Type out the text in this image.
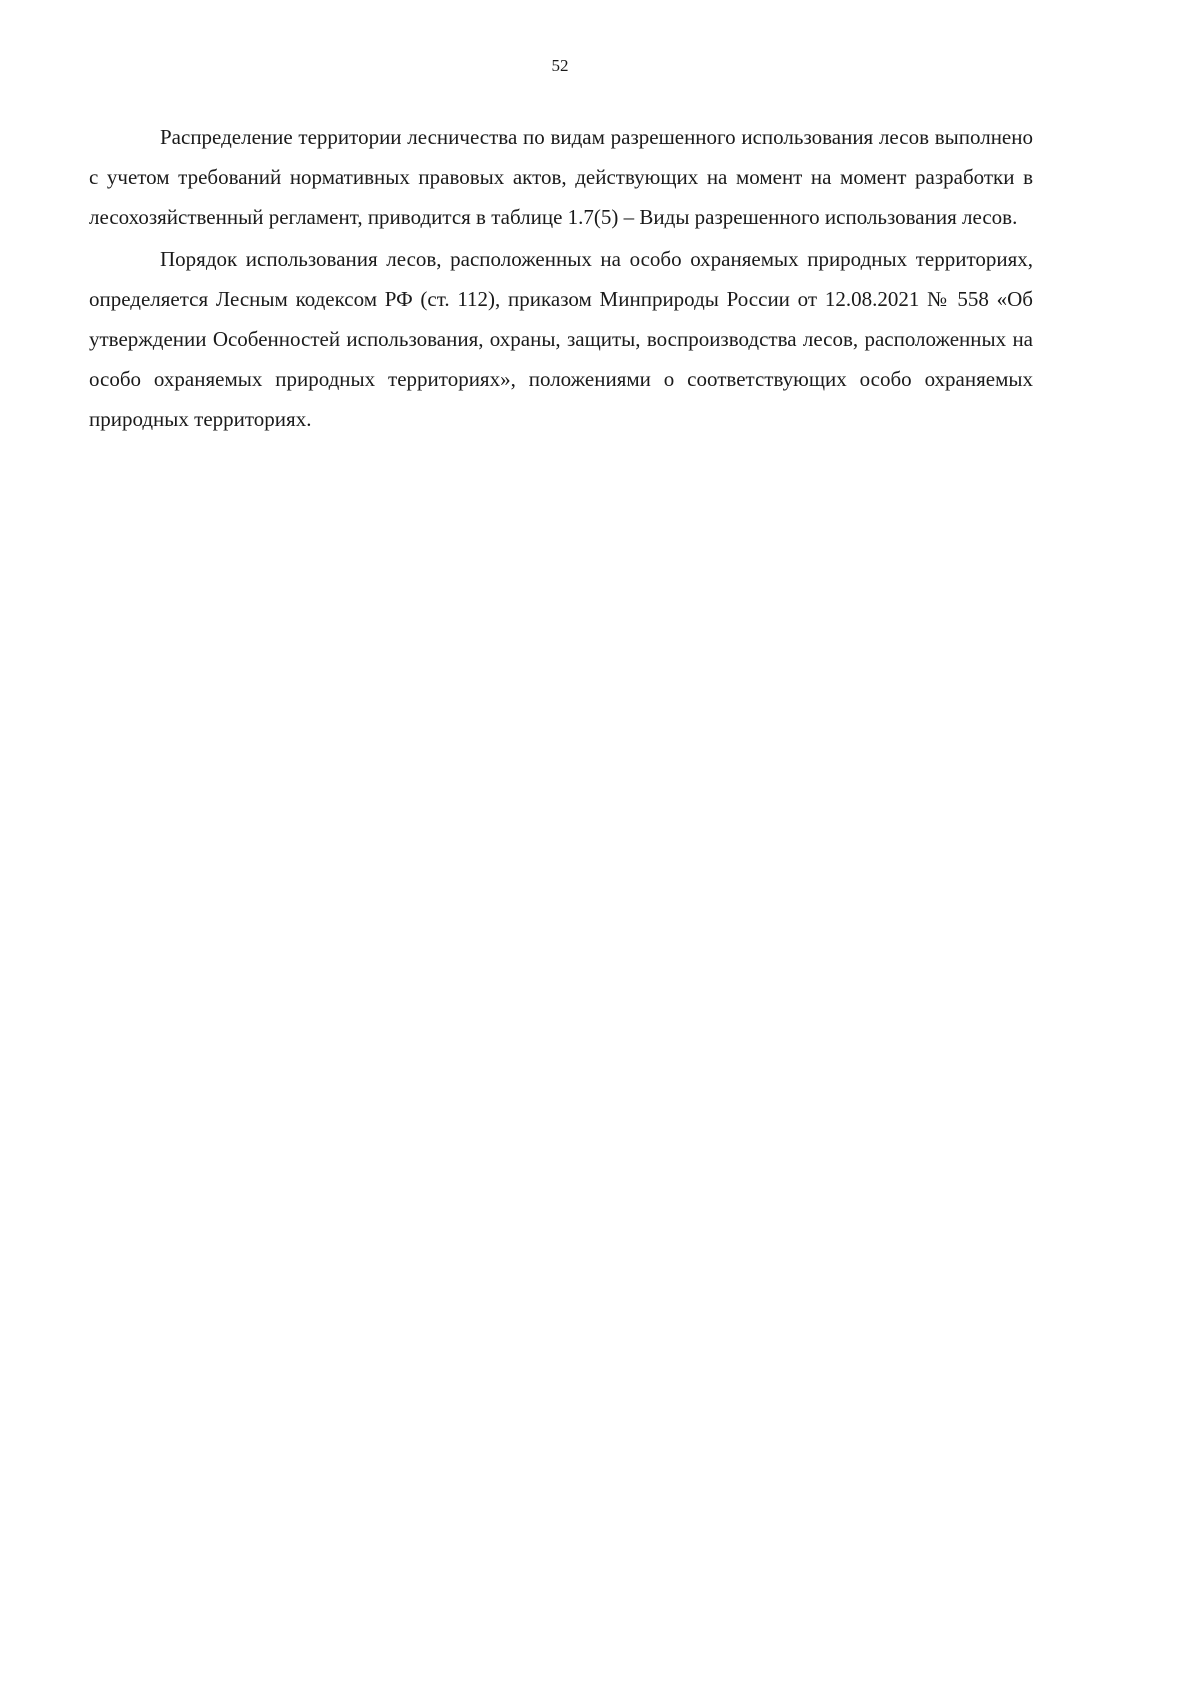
52

Распределение территории лесничества по видам разрешенного использования лесов выполнено с учетом требований нормативных правовых актов, действующих на момент на момент разработки в лесохозяйственный регламент, приводится в таблице 1.7(5) – Виды разрешенного использования лесов.

Порядок использования лесов, расположенных на особо охраняемых природных территориях, определяется Лесным кодексом РФ (ст. 112), приказом Минприроды России от 12.08.2021 № 558 «Об утверждении Особенностей использования, охраны, защиты, воспроизводства лесов, расположенных на особо охраняемых природных территориях», положениями о соответствующих особо охраняемых природных территориях.
